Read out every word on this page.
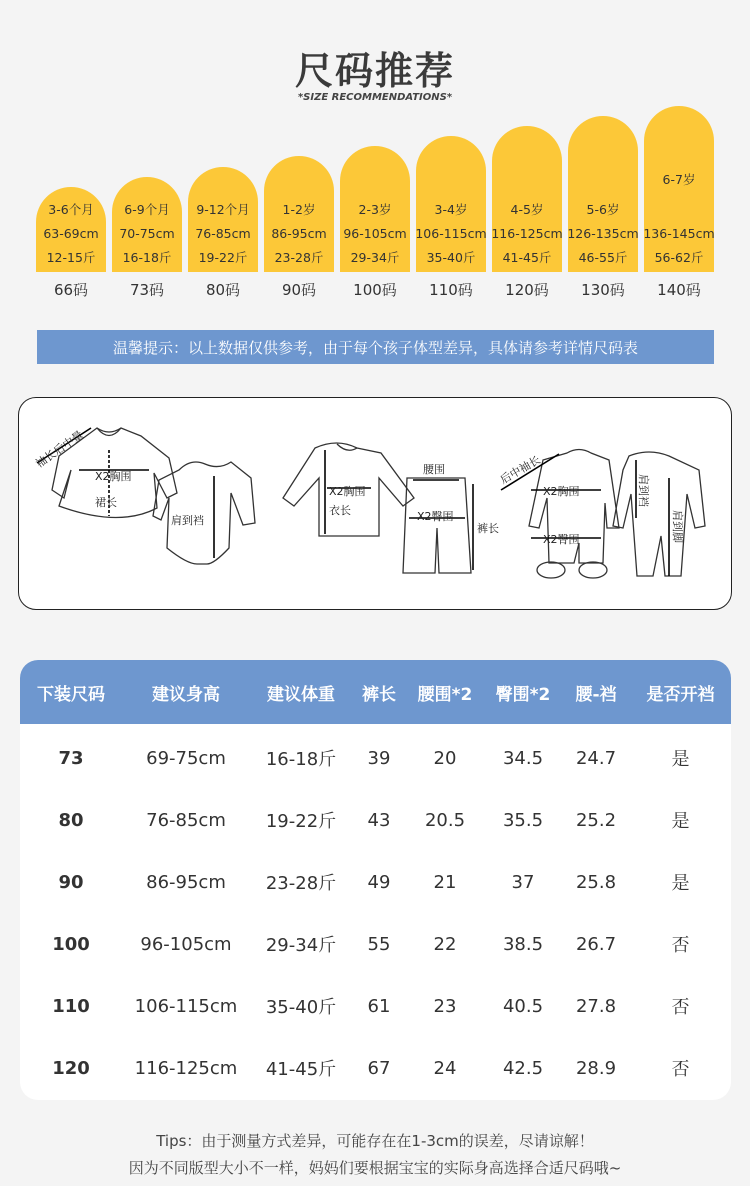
尺码推荐
*SIZE RECOMMENDATIONS*
3-6个月
63-69cm
12-15斤
66码
6-9个月
70-75cm
16-18斤
73码
9-12个月
76-85cm
19-22斤
80码
1-2岁
86-95cm
23-28斤
90码
2-3岁
96-105cm
29-34斤
100码
3-4岁
106-115cm
35-40斤
110码
4-5岁
116-125cm
41-45斤
120码
5-6岁
126-135cm
46-55斤
130码
6-7岁
136-145cm
56-62斤
140码
温馨提示：以上数据仅供参考，由于每个孩子体型差异，具体请参考详情尺码表
袖长后中量
X2胸围
裙长
肩到裆
X2胸围
衣长
腰围
X2臀围
裤长
后中袖长
X2胸围
X2臀围
肩到裆
肩到脚
下装尺码	建议身高	建议体重	裤长	腰围*2	臀围*2	腰-裆	是否开裆
73	69-75cm	16-18斤	39	20	34.5	24.7	是
80	76-85cm	19-22斤	43	20.5	35.5	25.2	是
90	86-95cm	23-28斤	49	21	37	25.8	是
100	96-105cm	29-34斤	55	22	38.5	26.7	否
110	106-115cm	35-40斤	61	23	40.5	27.8	否
120	116-125cm	41-45斤	67	24	42.5	28.9	否
Tips：由于测量方式差异，可能存在在1-3cm的误差，尽请谅解！
因为不同版型大小不一样，妈妈们要根据宝宝的实际身高选择合适尺码哦~
